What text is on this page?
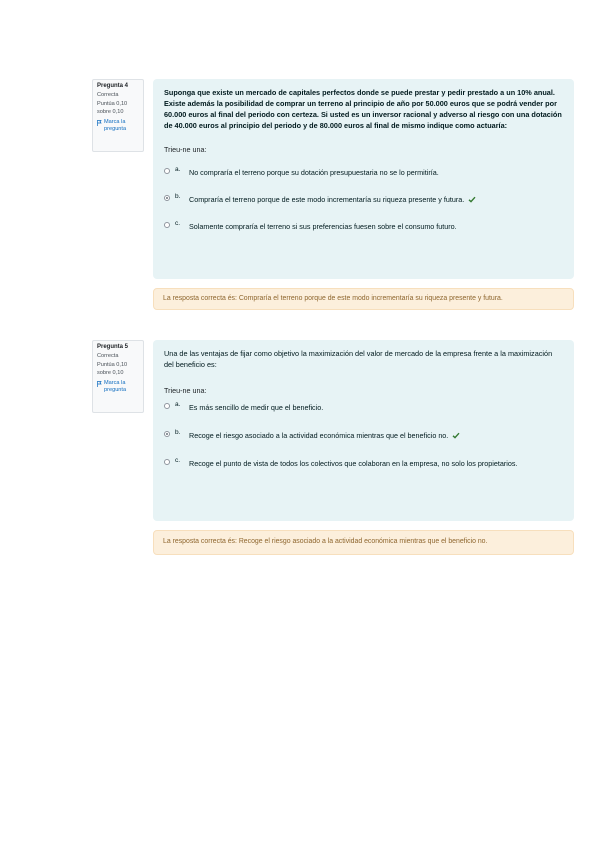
Pregunta 4
Correcta
Puntúa 0,10 sobre 0,10
Marca la pregunta
Suponga que existe un mercado de capitales perfectos donde se puede prestar y pedir prestado a un 10% anual. Existe además la posibilidad de comprar un terreno al principio de año por 50.000 euros que se podrá vender por 60.000 euros al final del periodo con certeza. Si usted es un inversor racional y adverso al riesgo con una dotación de 40.000 euros al principio del periodo y de 80.000 euros al final de mismo indique como actuaría:
Trieu-ne una:
a.	No compraría el terreno porque su dotación presupuestaria no se lo permitiría.
b.	Compraría el terreno porque de este modo incrementaría su riqueza presente y futura.
c.	Solamente compraría el terreno si sus preferencias fuesen sobre el consumo futuro.
La resposta correcta és: Compraría el terreno porque de este modo incrementaría su riqueza presente y futura.
Pregunta 5
Correcta
Puntúa 0,10 sobre 0,10
Marca la pregunta
Una de las ventajas de fijar como objetivo la maximización del valor de mercado de la empresa frente a la maximización del beneficio es:
Trieu-ne una:
a.	Es más sencillo de medir que el beneficio.
b.	Recoge el riesgo asociado a la actividad económica mientras que el beneficio no.
c.	Recoge el punto de vista de todos los colectivos que colaboran en la empresa, no solo los propietarios.
La resposta correcta és: Recoge el riesgo asociado a la actividad económica mientras que el beneficio no.
